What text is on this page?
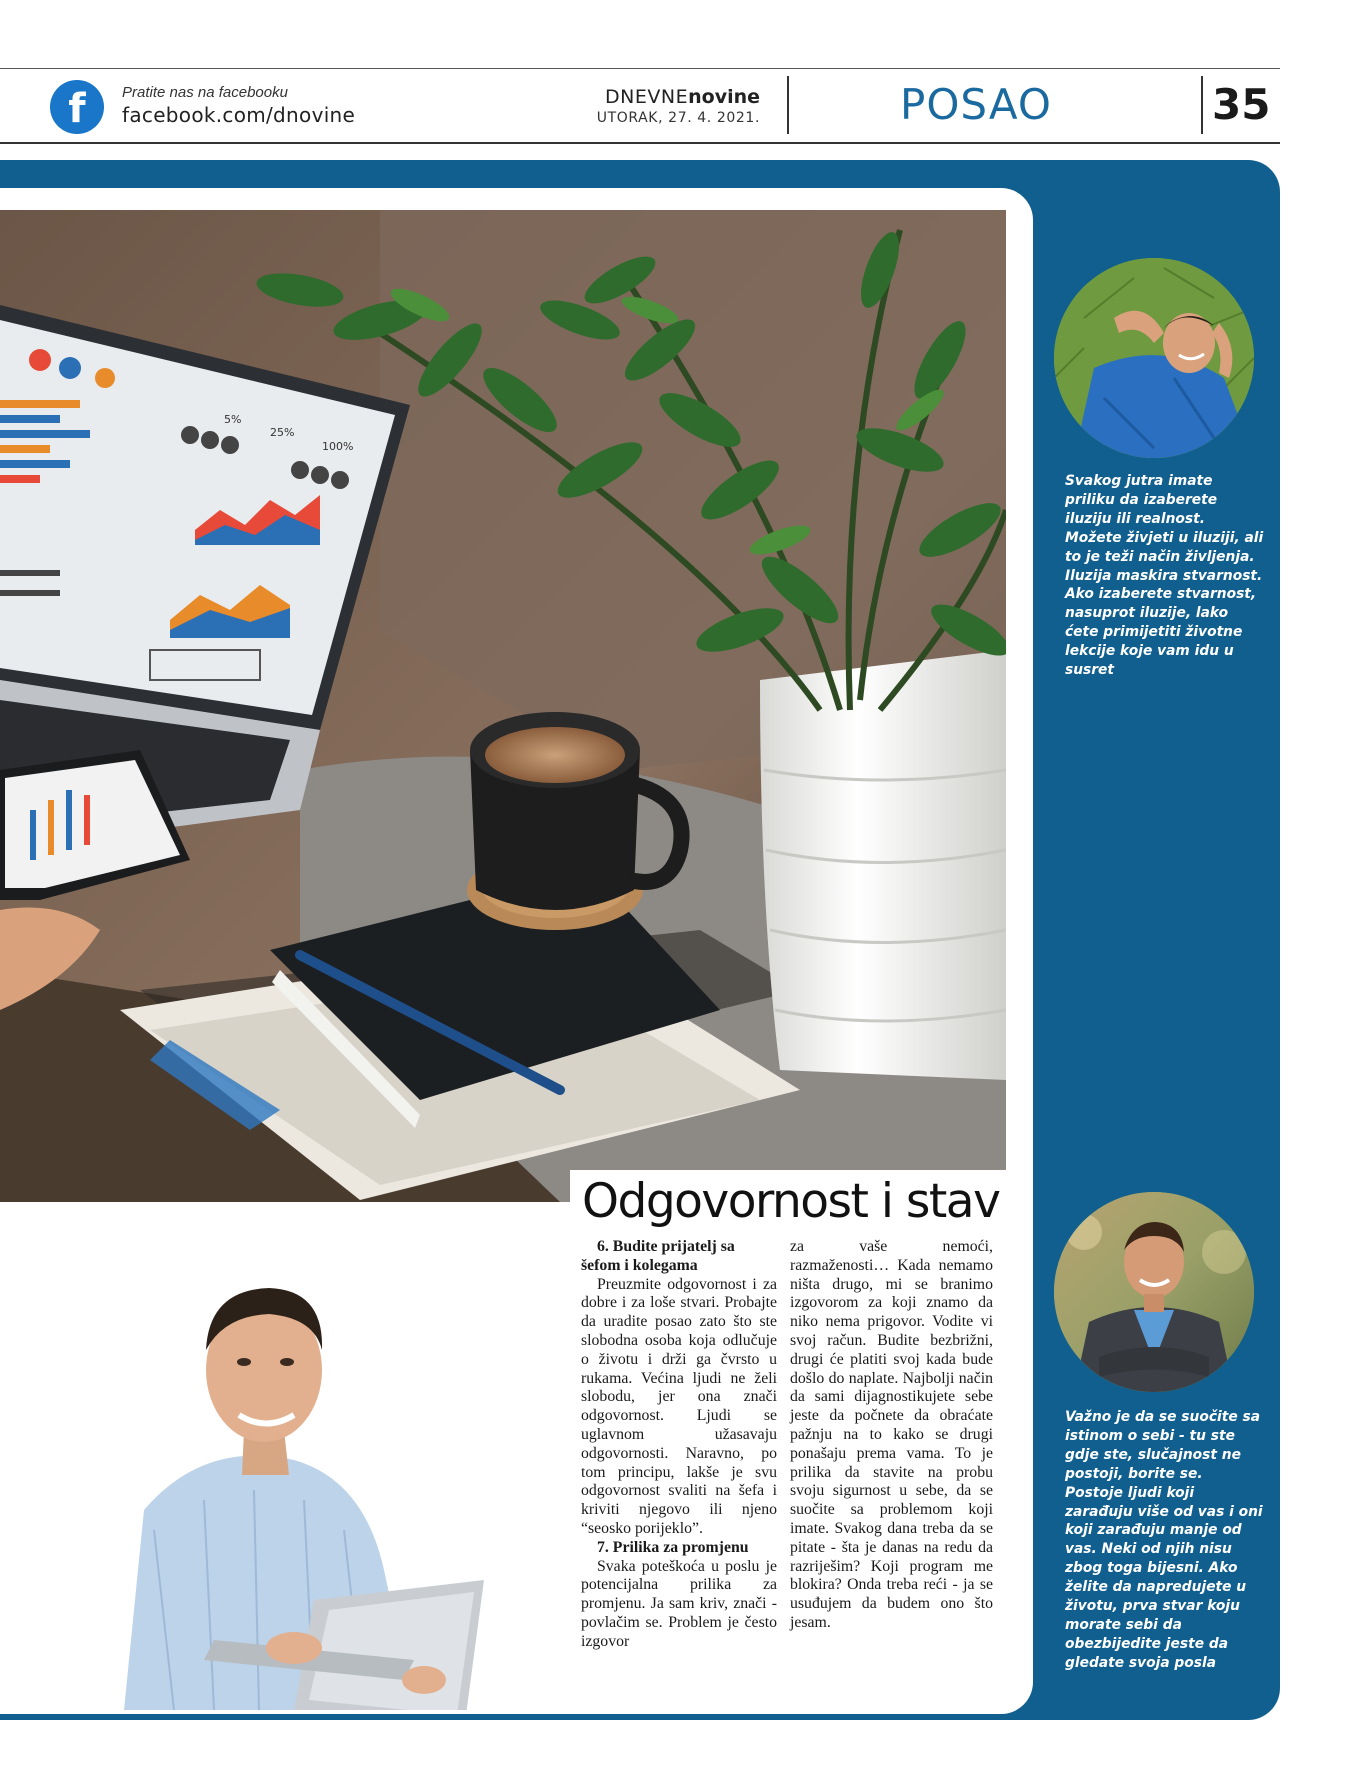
f	Pratite nas na facebooku
facebook.com/dnovine
DNEVNEnovine
UTORAK, 27. 4. 2021.	POSAO	35
5%
25%
100%
Odgovornost i stav
6. Budite prijatelj sa šefom i kolegama

Preuzmite odgovornost i za dobre i za loše stvari. Probajte da uradite posao zato što ste slobodna osoba koja odlučuje o životu i drži ga čvrsto u rukama. Većina ljudi ne želi slobodu, jer ona znači odgovornost. Ljudi se uglavnom užasavaju odgovornosti. Naravno, po tom principu, lakše je svu odgovornost svaliti na šefa i kriviti njegovo ili njeno “seosko porijeklo”.

7. Prilika za promjenu

Svaka poteškoća u poslu je potencijalna prilika za promjenu. Ja sam kriv, znači - povlačim se. Problem je često izgovor

za vaše nemoći, razmaženosti… Kada nemamo ništa drugo, mi se branimo izgovorom za koji znamo da niko nema prigovor. Vodite vi svoj račun. Budite bezbrižni, drugi će platiti svoj kada bude došlo do naplate. Najbolji način da sami dijagnostikujete sebe jeste da počnete da obraćate pažnju na to kako se drugi ponašaju prema vama. To je prilika da stavite na probu svoju sigurnost u sebe, da se suočite sa problemom koji imate. Svakog dana treba da se pitate - šta je danas na redu da razriješim? Koji program me blokira? Onda treba reći - ja se usuđujem da budem ono što jesam.

Svakog jutra imate priliku da izaberete iluziju ili realnost. Možete živjeti u iluziji, ali to je teži način življenja. Iluzija maskira stvarnost. Ako izaberete stvarnost, nasuprot iluzije, lako ćete primijetiti životne lekcije koje vam idu u susret
Važno je da se suočite sa istinom o sebi - tu ste gdje ste, slučajnost ne postoji, borite se. Postoje ljudi koji zarađuju više od vas i oni koji zarađuju manje od vas. Neki od njih nisu zbog toga bijesni. Ako želite da napredujete u životu, prva stvar koju morate sebi da obezbijedite jeste da gledate svoja posla
